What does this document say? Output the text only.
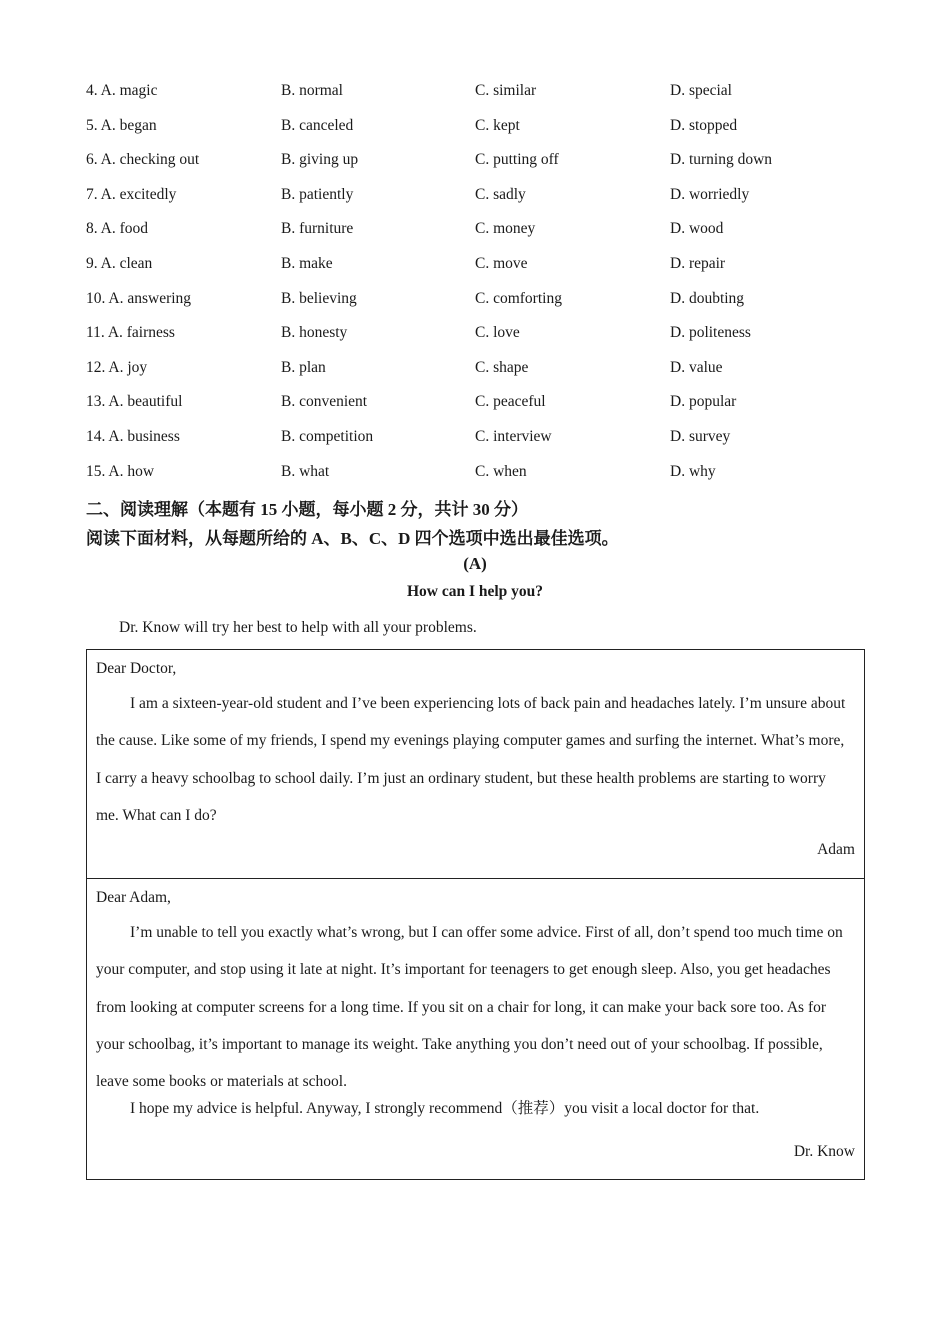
4. A. magic	B. normal	C. similar	D. special
5. A. began	B. canceled	C. kept	D. stopped
6. A. checking out	B. giving up	C. putting off	D. turning down
7. A. excitedly	B. patiently	C. sadly	D. worriedly
8. A. food	B. furniture	C. money	D. wood
9. A. clean	B. make	C. move	D. repair
10. A. answering	B. believing	C. comforting	D. doubting
11. A. fairness	B. honesty	C. love	D. politeness
12. A. joy	B. plan	C. shape	D. value
13. A. beautiful	B. convenient	C. peaceful	D. popular
14. A. business	B. competition	C. interview	D. survey
15. A. how	B. what	C. when	D. why
二、阅读理解（本题有 15 小题，每小题 2 分，共计 30 分）
阅读下面材料，从每题所给的 A、B、C、D 四个选项中选出最佳选项。
(A)
How can I help you?
Dr. Know will try her best to help with all your problems.
Dear Doctor,

I am a sixteen-year-old student and I’ve been experiencing lots of back pain and headaches lately. I’m unsure about the cause. Like some of my friends, I spend my evenings playing computer games and surfing the internet. What’s more, I carry a heavy schoolbag to school daily. I’m just an ordinary student, but these health problems are starting to worry me. What can I do?

Adam
Dear Adam,

I’m unable to tell you exactly what’s wrong, but I can offer some advice. First of all, don’t spend too much time on your computer, and stop using it late at night. It’s important for teenagers to get enough sleep. Also, you get headaches from looking at computer screens for a long time. If you sit on a chair for long, it can make your back sore too. As for your schoolbag, it’s important to manage its weight. Take anything you don’t need out of your schoolbag. If possible, leave some books or materials at school.

I hope my advice is helpful. Anyway, I strongly recommend（推荐）you visit a local doctor for that.

Dr. Know
